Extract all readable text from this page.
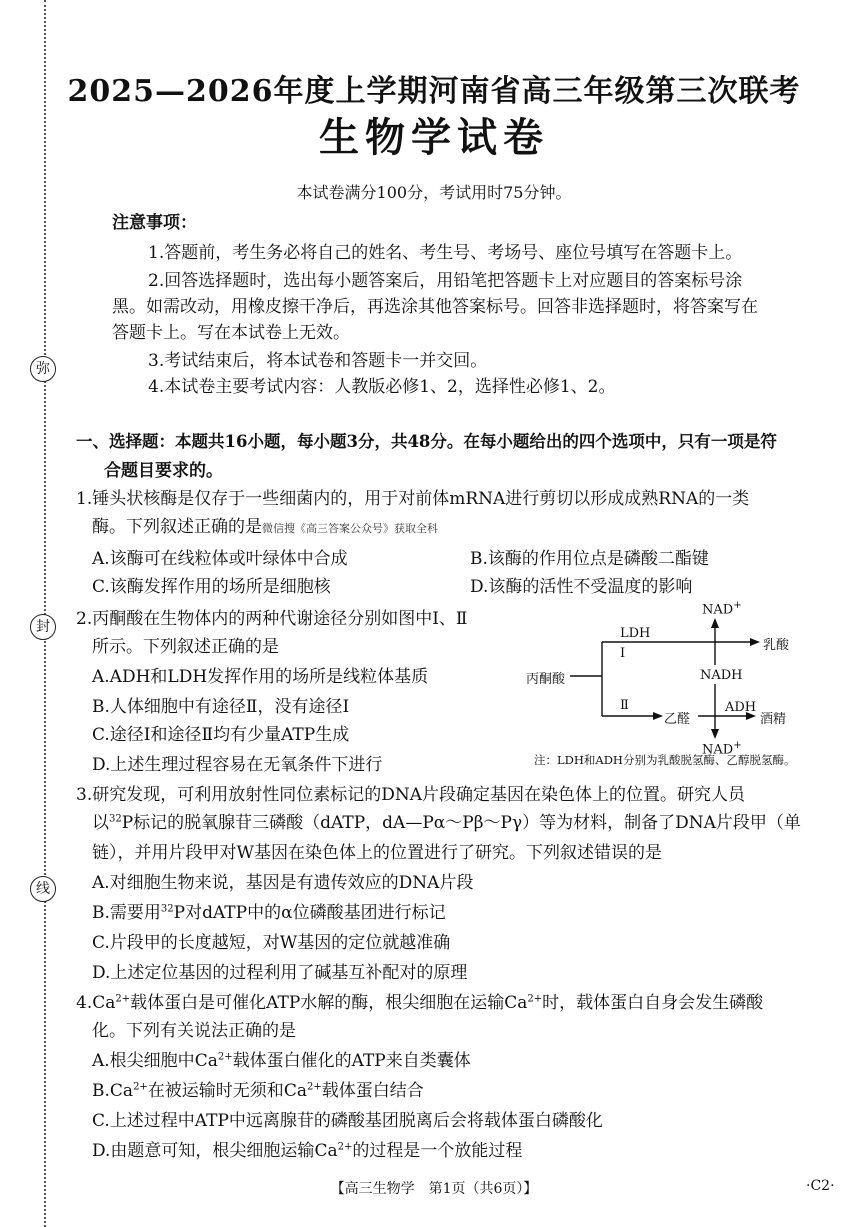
弥
封
线
2025—2026年度上学期河南省高三年级第三次联考
生物学试卷
本试卷满分100分，考试用时75分钟。
注意事项：
1.答题前，考生务必将自己的姓名、考生号、考场号、座位号填写在答题卡上。
2.回答选择题时，选出每小题答案后，用铅笔把答题卡上对应题目的答案标号涂
黑。如需改动，用橡皮擦干净后，再选涂其他答案标号。回答非选择题时，将答案写在
答题卡上。写在本试卷上无效。
3.考试结束后，将本试卷和答题卡一并交回。
4.本试卷主要考试内容：人教版必修1、2，选择性必修1、2。
一、选择题：本题共16小题，每小题3分，共48分。在每小题给出的四个选项中，只有一项是符
合题目要求的。
1.锤头状核酶是仅存于一些细菌内的，用于对前体mRNA进行剪切以形成成熟RNA的一类
酶。下列叙述正确的是微信搜《高三答案公众号》获取全科
A.该酶可在线粒体或叶绿体中合成	B.该酶的作用位点是磷酸二酯键
C.该酶发挥作用的场所是细胞核	D.该酶的活性不受温度的影响
2.丙酮酸在生物体内的两种代谢途径分别如图中Ⅰ、Ⅱ
所示。下列叙述正确的是
A.ADH和LDH发挥作用的场所是线粒体基质
B.人体细胞中有途径Ⅱ，没有途径Ⅰ
C.途径Ⅰ和途径Ⅱ均有少量ATP生成
D.上述生理过程容易在无氧条件下进行
NAD+
LDH
Ⅰ
乳酸
丙酮酸	NADH
Ⅱ
乙醛
ADH
酒精
NAD+
注：LDH和ADH分别为乳酸脱氢酶、乙醇脱氢酶。
3.研究发现，可利用放射性同位素标记的DNA片段确定基因在染色体上的位置。研究人员
以$^{32}$P标记的脱氧腺苷三磷酸（dATP，dA—Pα～Pβ～Pγ）等为材料，制备了DNA片段甲（单
链），并用片段甲对W基因在染色体上的位置进行了研究。下列叙述错误的是
A.对细胞生物来说，基因是有遗传效应的DNA片段
B.需要用$^{32}$P对dATP中的α位磷酸基团进行标记
C.片段甲的长度越短，对W基因的定位就越准确
D.上述定位基因的过程利用了碱基互补配对的原理
$4.Ca^{2+}$载体蛋白是可催化ATP水解的酶，根尖细胞在运输$Ca^{2+}$时，载体蛋白自身会发生磷酸
化。下列有关说法正确的是
A.根尖细胞中$Ca^{2+}$载体蛋白催化的ATP来自类囊体
$B.Ca^{2+}$在被运输时无须和$Ca^{2+}$载体蛋白结合
C.上述过程中ATP中远离腺苷的磷酸基团脱离后会将载体蛋白磷酸化
D.由题意可知，根尖细胞运输$Ca^{2+}$的过程是一个放能过程
【高三生物学　第1页（共6页）】	·C2·
